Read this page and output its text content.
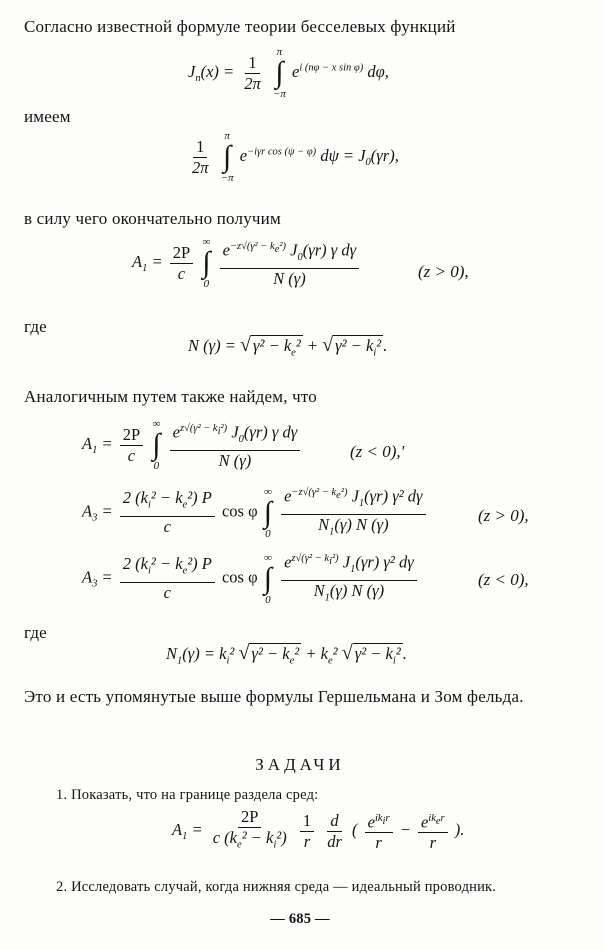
Согласно известной формуле теории бесселевых функций
$J_n(x) = \frac{1}{2\pi}$

π
∫
−π
$e^{i (n\varphi - x sin \varphi)}$ dφ,
имеем
$\frac{1}{2\pi}$

π
∫
−π
$e^{-i\gamma r cos (\psi - \varphi)}$ $d\psi = J_0(\gamma r)$,
в силу чего окончательно получим
$A_1 = \frac{2P}{c}$

∞
∫
0
$\frac{e^{-z√(\gamma^2 - k_e^2)} J_0(\gamma r) \gamma d\gamma}{N (\gamma)}$	(z > 0),
где
N (γ) = √ $\gamma^2 - k_e^2$ + √ $\gamma^2 - k_i^2$ .
Аналогичным путем также найдем, что
$A_1 = \frac{2P}{c}$

∞
∫
0
$\frac{e^{z√(\gamma^2 - k_i^2)} J_0(\gamma r) \gamma d\gamma}{N (\gamma)}$	(z < 0),'
$A_3 = \frac{2 (k_i^2 - k_e^2) P}{c}$ cos φ
∞
∫
0
$\frac{e^{-z√(\gamma^2 - k_e^2)} J_1(\gamma r) \gamma^2 d\gamma}{N_1(\gamma) N (\gamma)}$	(z > 0),
$A_3 = \frac{2 (k_i^2 - k_e^2) P}{c}$ cos φ
∞
∫
0
$\frac{e^{z√(\gamma^2 - k_i^2)} J_1(\gamma r) \gamma^2 d\gamma}{N_1(\gamma) N (\gamma)}$	(z < 0),
где
$N_1(\gamma) = k_i^2$ √ $\gamma^2 - k_e^2 + k_e^2$ √ $\gamma^2 - k_i^2$ .
Это и есть упомянутые выше формулы Гершельмана и Зом фельда.
ЗАДАЧИ
1. Показать, что на границе раздела сред:
$A_1 = \frac{2P}{c (k_e^2 - k_i^2)}$
$\frac{1}{r}$
$\frac{d}{dr}$ ( $\frac{e^{ik_ir}}{r} - \frac{e^{ik_er}}{r}$ ).
2. Исследовать случай, когда нижняя среда — идеальный проводник.
— 685 —
